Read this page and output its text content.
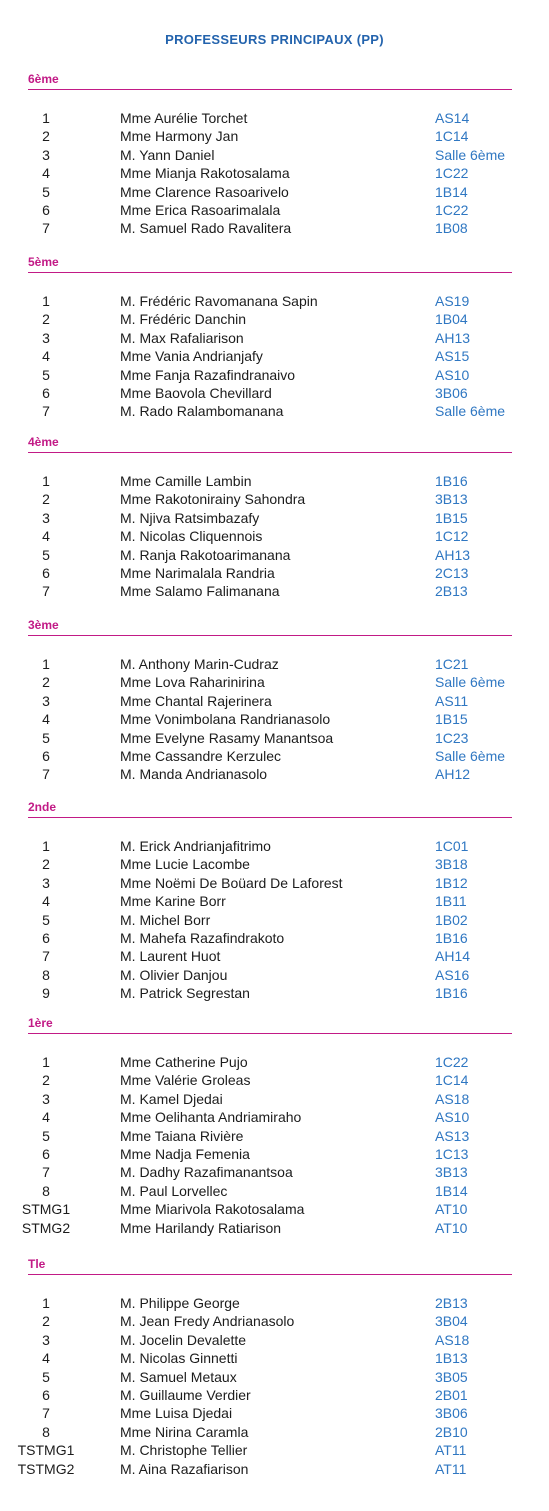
PROFESSEURS PRINCIPAUX (PP)
6ème
1	Mme Aurélie Torchet	AS14
2	Mme Harmony Jan	1C14
3	M. Yann Daniel	Salle 6ème
4	Mme Mianja Rakotosalama	1C22
5	Mme Clarence Rasoarivelo	1B14
6	Mme Erica Rasoarimalala	1C22
7	M. Samuel Rado Ravalitera	1B08
5ème
1	M. Frédéric Ravomanana Sapin	AS19
2	M. Frédéric Danchin	1B04
3	M. Max Rafaliarison	AH13
4	Mme Vania Andrianjafy	AS15
5	Mme Fanja Razafindranaivo	AS10
6	Mme Baovola Chevillard	3B06
7	M. Rado Ralambomanana	Salle 6ème
4ème
1	Mme Camille Lambin	1B16
2	Mme Rakotonirainy Sahondra	3B13
3	M. Njiva Ratsimbazafy	1B15
4	M. Nicolas Cliquennois	1C12
5	M. Ranja Rakotoarimanana	AH13
6	Mme Narimalala Randria	2C13
7	Mme Salamo Falimanana	2B13
3ème
1	M. Anthony Marin-Cudraz	1C21
2	Mme Lova Raharinirina	Salle 6ème
3	Mme Chantal Rajerinera	AS11
4	Mme Vonimbolana Randrianasolo	1B15
5	Mme Evelyne Rasamy Manantsoa	1C23
6	Mme Cassandre Kerzulec	Salle 6ème
7	M. Manda Andrianasolo	AH12
2nde
1	M. Erick Andrianjafitrimo	1C01
2	Mme Lucie Lacombe	3B18
3	Mme Noëmi De Boüard De Laforest	1B12
4	Mme Karine Borr	1B11
5	M. Michel Borr	1B02
6	M. Mahefa Razafindrakoto	1B16
7	M. Laurent Huot	AH14
8	M. Olivier Danjou	AS16
9	M. Patrick Segrestan	1B16
1ère
1	Mme Catherine Pujo	1C22
2	Mme Valérie Groleas	1C14
3	M. Kamel Djedai	AS18
4	Mme Oelihanta Andriamiraho	AS10
5	Mme Taiana Rivière	AS13
6	Mme Nadja Femenia	1C13
7	M. Dadhy Razafimanantsoa	3B13
8	M. Paul Lorvellec	1B14
STMG1	Mme Miarivola Rakotosalama	AT10
STMG2	Mme Harilandy Ratiarison	AT10
Tle
1	M. Philippe George	2B13
2	M. Jean Fredy Andrianasolo	3B04
3	M. Jocelin Devalette	AS18
4	M. Nicolas Ginnetti	1B13
5	M. Samuel Metaux	3B05
6	M. Guillaume Verdier	2B01
7	Mme Luisa Djedai	3B06
8	Mme Nirina Caramla	2B10
TSTMG1	M. Christophe Tellier	AT11
TSTMG2	M. Aina Razafiarison	AT11
